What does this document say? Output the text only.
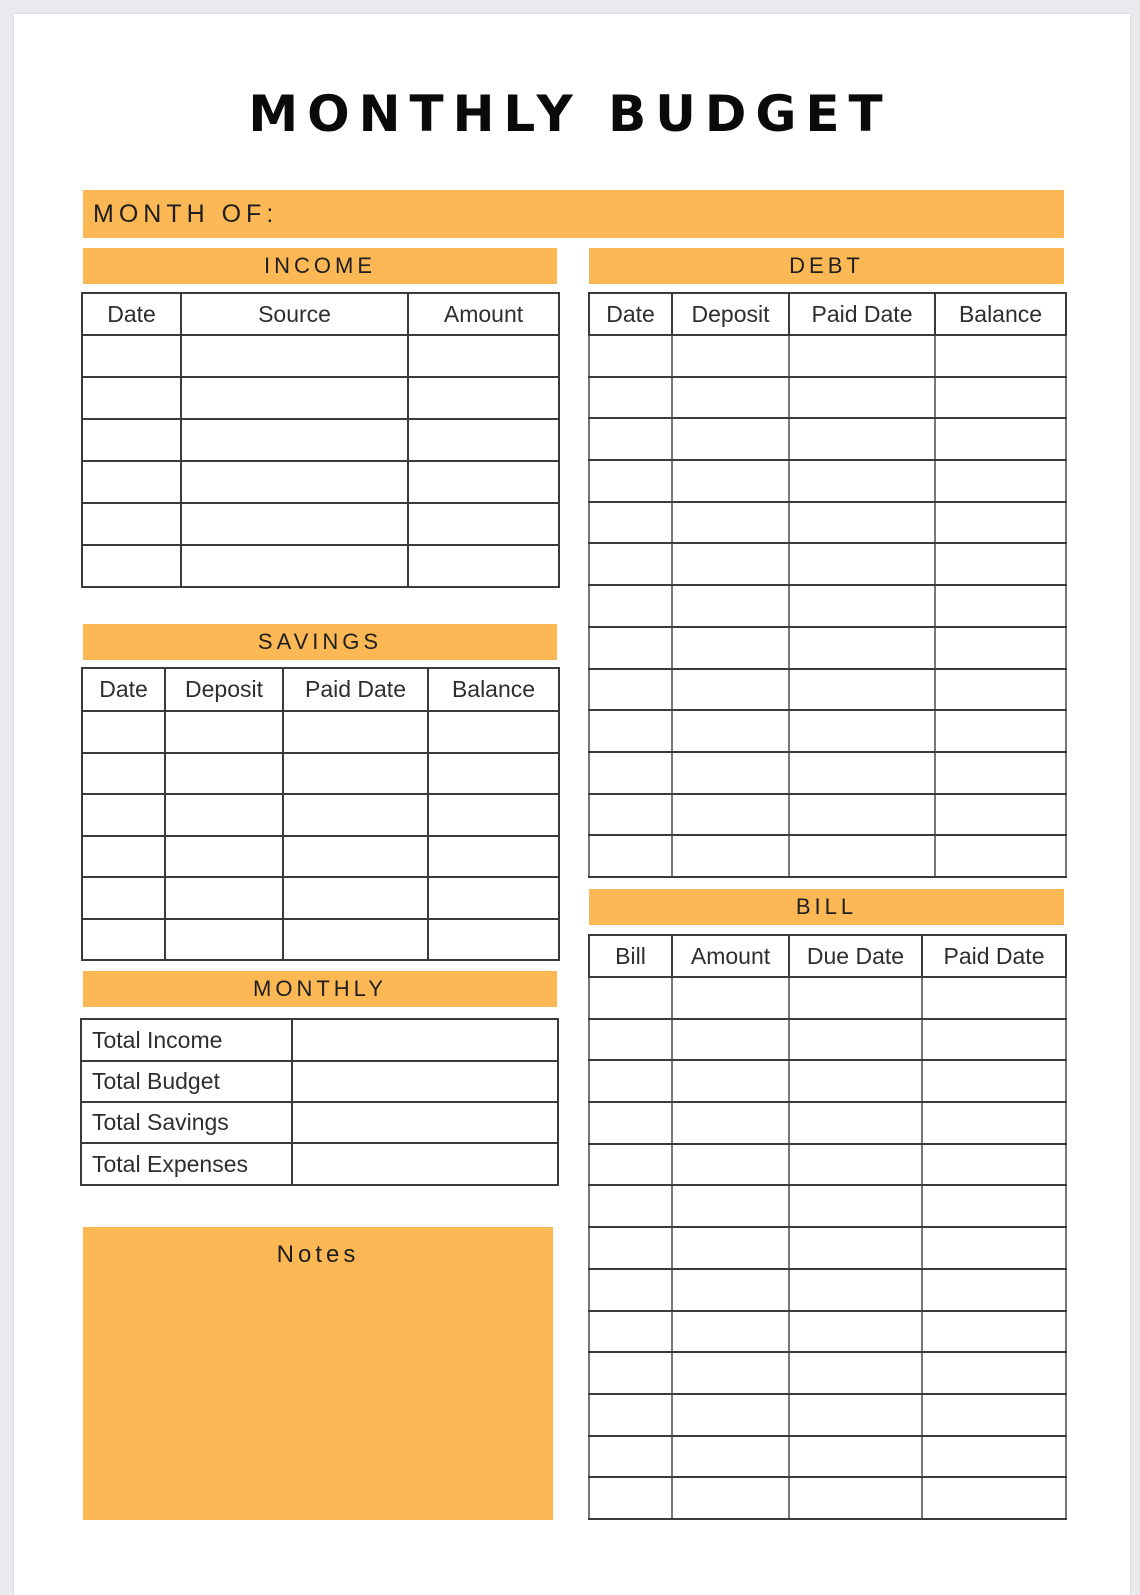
MONTHLY BUDGET
MONTH OF:
INCOME
Date	Source	Amount

SAVINGS
Date	Deposit	Paid Date	Balance

MONTHLY
Total Income	
Total Budget	
Total Savings	
Total Expenses	
Notes
DEBT
Date	Deposit	Paid Date	Balance

BILL
Bill	Amount	Due Date	Paid Date
